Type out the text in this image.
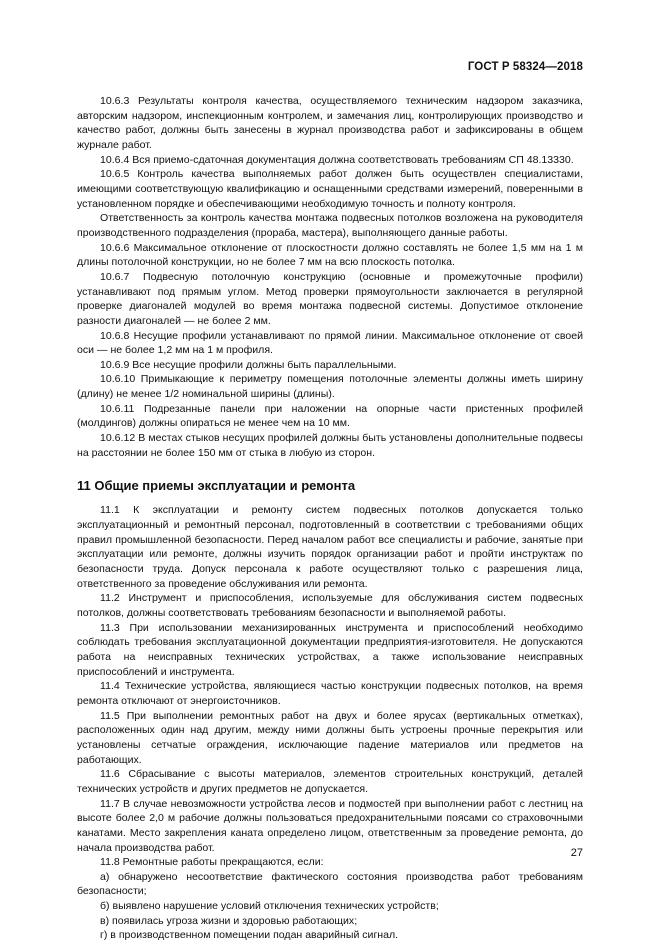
ГОСТ Р 58324—2018

10.6.3 Результаты контроля качества, осуществляемого техническим надзором заказчика, авторским надзором, инспекционным контролем, и замечания лиц, контролирующих производство и качество работ, должны быть занесены в журнал производства работ и зафиксированы в общем журнале работ.

10.6.4 Вся приемо-сдаточная документация должна соответствовать требованиям СП 48.13330.

10.6.5 Контроль качества выполняемых работ должен быть осуществлен специалистами, имеющими соответствующую квалификацию и оснащенными средствами измерений, поверенными в установленном порядке и обеспечивающими необходимую точность и полноту контроля.

Ответственность за контроль качества монтажа подвесных потолков возложена на руководителя производственного подразделения (прораба, мастера), выполняющего данные работы.

10.6.6 Максимальное отклонение от плоскостности должно составлять не более 1,5 мм на 1 м длины потолочной конструкции, но не более 7 мм на всю плоскость потолка.

10.6.7 Подвесную потолочную конструкцию (основные и промежуточные профили) устанавливают под прямым углом. Метод проверки прямоугольности заключается в регулярной проверке диагоналей модулей во время монтажа подвесной системы. Допустимое отклонение разности диагоналей — не более 2 мм.

10.6.8 Несущие профили устанавливают по прямой линии. Максимальное отклонение от своей оси — не более 1,2 мм на 1 м профиля.

10.6.9 Все несущие профили должны быть параллельными.

10.6.10 Примыкающие к периметру помещения потолочные элементы должны иметь ширину (длину) не менее 1/2 номинальной ширины (длины).

10.6.11 Подрезанные панели при наложении на опорные части пристенных профилей (молдингов) должны опираться не менее чем на 10 мм.

10.6.12 В местах стыков несущих профилей должны быть установлены дополнительные подвесы на расстоянии не более 150 мм от стыка в любую из сторон.

11 Общие приемы эксплуатации и ремонта

11.1 К эксплуатации и ремонту систем подвесных потолков допускается только эксплуатационный и ремонтный персонал, подготовленный в соответствии с требованиями общих правил промышленной безопасности. Перед началом работ все специалисты и рабочие, занятые при эксплуатации или ремонте, должны изучить порядок организации работ и пройти инструктаж по безопасности труда. Допуск персонала к работе осуществляют только с разрешения лица, ответственного за проведение обслуживания или ремонта.

11.2 Инструмент и приспособления, используемые для обслуживания систем подвесных потолков, должны соответствовать требованиям безопасности и выполняемой работы.

11.3 При использовании механизированных инструмента и приспособлений необходимо соблюдать требования эксплуатационной документации предприятия-изготовителя. Не допускаются работа на неисправных технических устройствах, а также использование неисправных приспособлений и инструмента.

11.4 Технические устройства, являющиеся частью конструкции подвесных потолков, на время ремонта отключают от энергоисточников.

11.5 При выполнении ремонтных работ на двух и более ярусах (вертикальных отметках), расположенных один над другим, между ними должны быть устроены прочные перекрытия или установлены сетчатые ограждения, исключающие падение материалов или предметов на работающих.

11.6 Сбрасывание с высоты материалов, элементов строительных конструкций, деталей технических устройств и других предметов не допускается.

11.7 В случае невозможности устройства лесов и подмостей при выполнении работ с лестниц на высоте более 2,0 м рабочие должны пользоваться предохранительными поясами со страховочными канатами. Место закрепления каната определено лицом, ответственным за проведение ремонта, до начала производства работ.

11.8 Ремонтные работы прекращаются, если:

а) обнаружено несоответствие фактического состояния производства работ требованиям безопасности;

б) выявлено нарушение условий отключения технических устройств;

в) появилась угроза жизни и здоровью работающих;

г) в производственном помещении подан аварийный сигнал.

27
